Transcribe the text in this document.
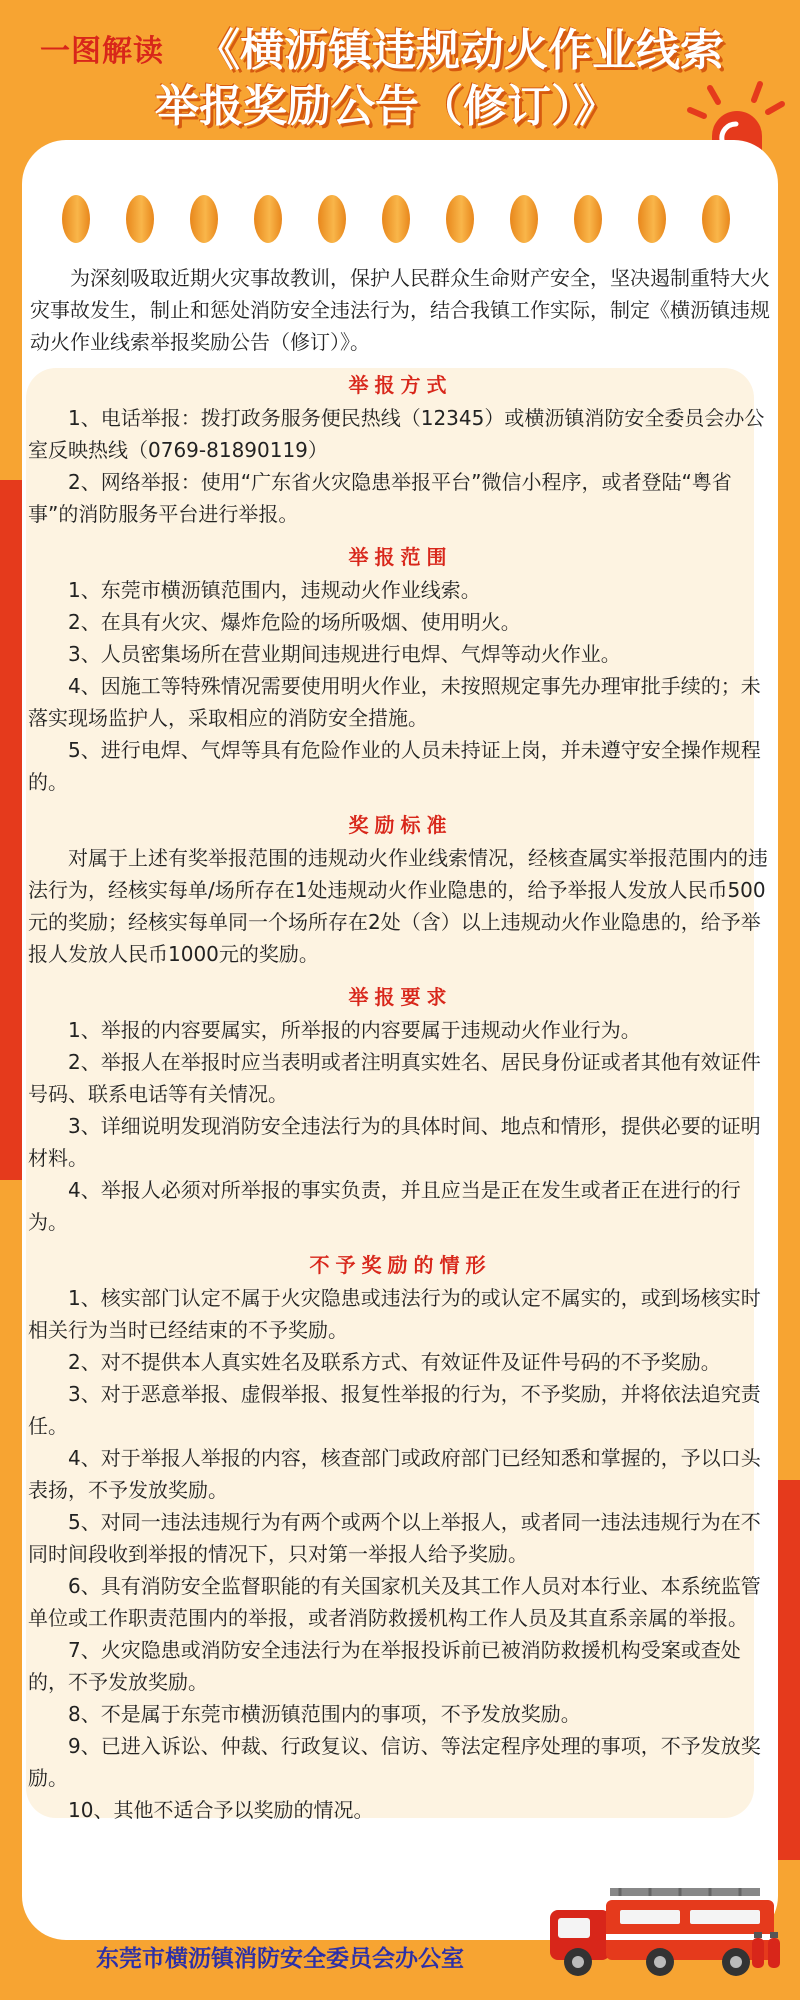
一图解读 《横沥镇违规动火作业线索
举报奖励公告（修订）》

为深刻吸取近期火灾事故教训，保护人民群众生命财产安全，坚决遏制重特大火灾事故发生，制止和惩处消防安全违法行为，结合我镇工作实际，制定《横沥镇违规动火作业线索举报奖励公告（修订）》。

举报方式

1、电话举报：拨打政务服务便民热线（12345）或横沥镇消防安全委员会办公室反映热线（0769-81890119）

2、网络举报：使用“广东省火灾隐患举报平台”微信小程序，或者登陆“粤省事”的消防服务平台进行举报。

举报范围

1、东莞市横沥镇范围内，违规动火作业线索。

2、在具有火灾、爆炸危险的场所吸烟、使用明火。

3、人员密集场所在营业期间违规进行电焊、气焊等动火作业。

4、因施工等特殊情况需要使用明火作业，未按照规定事先办理审批手续的；未落实现场监护人，采取相应的消防安全措施。

5、进行电焊、气焊等具有危险作业的人员未持证上岗，并未遵守安全操作规程的。

奖励标准

对属于上述有奖举报范围的违规动火作业线索情况，经核查属实举报范围内的违法行为，经核实每单/场所存在1处违规动火作业隐患的，给予举报人发放人民币500元的奖励；经核实每单同一个场所存在2处（含）以上违规动火作业隐患的，给予举报人发放人民币1000元的奖励。

举报要求

1、举报的内容要属实，所举报的内容要属于违规动火作业行为。

2、举报人在举报时应当表明或者注明真实姓名、居民身份证或者其他有效证件号码、联系电话等有关情况。

3、详细说明发现消防安全违法行为的具体时间、地点和情形，提供必要的证明材料。

4、举报人必须对所举报的事实负责，并且应当是正在发生或者正在进行的行为。

不予奖励的情形

1、核实部门认定不属于火灾隐患或违法行为的或认定不属实的，或到场核实时相关行为当时已经结束的不予奖励。

2、对不提供本人真实姓名及联系方式、有效证件及证件号码的不予奖励。

3、对于恶意举报、虚假举报、报复性举报的行为，不予奖励，并将依法追究责任。

4、对于举报人举报的内容，核查部门或政府部门已经知悉和掌握的，予以口头表扬，不予发放奖励。

5、对同一违法违规行为有两个或两个以上举报人，或者同一违法违规行为在不同时间段收到举报的情况下，只对第一举报人给予奖励。

6、具有消防安全监督职能的有关国家机关及其工作人员对本行业、本系统监管单位或工作职责范围内的举报，或者消防救援机构工作人员及其直系亲属的举报。

7、火灾隐患或消防安全违法行为在举报投诉前已被消防救援机构受案或查处的，不予发放奖励。

8、不是属于东莞市横沥镇范围内的事项，不予发放奖励。

9、已进入诉讼、仲裁、行政复议、信访、等法定程序处理的事项，不予发放奖励。

10、其他不适合予以奖励的情况。

东莞市横沥镇消防安全委员会办公室
